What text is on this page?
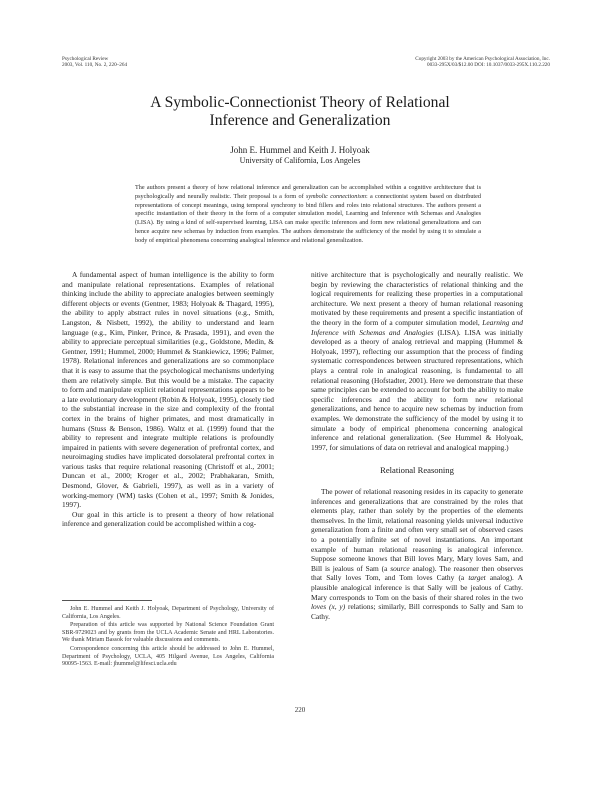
Psychological Review
2003, Vol. 110, No. 2, 220–264
Copyright 2003 by the American Psychological Association, Inc.
0033-295X/03/$12.00 DOI: 10.1037/0033-295X.110.2.220
A Symbolic-Connectionist Theory of Relational
Inference and Generalization
John E. Hummel and Keith J. Holyoak
University of California, Los Angeles
The authors present a theory of how relational inference and generalization can be accomplished within a cognitive architecture that is psychologically and neurally realistic. Their proposal is a form of symbolic connectionism: a connectionist system based on distributed representations of concept meanings, using temporal synchrony to bind fillers and roles into relational structures. The authors present a specific instantiation of their theory in the form of a computer simulation model, Learning and Inference with Schemas and Analogies (LISA). By using a kind of self-supervised learning, LISA can make specific inferences and form new relational generalizations and can hence acquire new schemas by induction from examples. The authors demonstrate the sufficiency of the model by using it to simulate a body of empirical phenomena concerning analogical inference and relational generalization.

A fundamental aspect of human intelligence is the ability to form and manipulate relational representations. Examples of relational thinking include the ability to appreciate analogies between seemingly different objects or events (Gentner, 1983; Holyoak & Thagard, 1995), the ability to apply abstract rules in novel situations (e.g., Smith, Langston, & Nisbett, 1992), the ability to understand and learn language (e.g., Kim, Pinker, Prince, & Prasada, 1991), and even the ability to appreciate perceptual similarities (e.g., Goldstone, Medin, & Gentner, 1991; Hummel, 2000; Hummel & Stankiewicz, 1996; Palmer, 1978). Relational inferences and generalizations are so commonplace that it is easy to assume that the psychological mechanisms underlying them are relatively simple. But this would be a mistake. The capacity to form and manipulate explicit relational representations appears to be a late evolutionary development (Robin & Holyoak, 1995), closely tied to the substantial increase in the size and complexity of the frontal cortex in the brains of higher primates, and most dramatically in humans (Stuss & Benson, 1986). Waltz et al. (1999) found that the ability to represent and integrate multiple relations is profoundly impaired in patients with severe degeneration of prefrontal cortex, and neuroimaging studies have implicated dorsolateral prefrontal cortex in various tasks that require relational reasoning (Christoff et al., 2001; Duncan et al., 2000; Kroger et al., 2002; Prabhakaran, Smith, Desmond, Glover, & Gabrieli, 1997), as well as in a variety of working-memory (WM) tasks (Cohen et al., 1997; Smith & Jonides, 1997).

Our goal in this article is to present a theory of how relational inference and generalization could be accomplished within a cog-

nitive architecture that is psychologically and neurally realistic. We begin by reviewing the characteristics of relational thinking and the logical requirements for realizing these properties in a computational architecture. We next present a theory of human relational reasoning motivated by these requirements and present a specific instantiation of the theory in the form of a computer simulation model, Learning and Inference with Schemas and Analogies (LISA). LISA was initially developed as a theory of analog retrieval and mapping (Hummel & Holyoak, 1997), reflecting our assumption that the process of finding systematic correspondences between structured representations, which plays a central role in analogical reasoning, is fundamental to all relational reasoning (Hofstadter, 2001). Here we demonstrate that these same principles can be extended to account for both the ability to make specific inferences and the ability to form new relational generalizations, and hence to acquire new schemas by induction from examples. We demonstrate the sufficiency of the model by using it to simulate a body of empirical phenomena concerning analogical inference and relational generalization. (See Hummel & Holyoak, 1997, for simulations of data on retrieval and analogical mapping.)

Relational Reasoning

The power of relational reasoning resides in its capacity to generate inferences and generalizations that are constrained by the roles that elements play, rather than solely by the properties of the elements themselves. In the limit, relational reasoning yields universal inductive generalization from a finite and often very small set of observed cases to a potentially infinite set of novel instantiations. An important example of human relational reasoning is analogical inference. Suppose someone knows that Bill loves Mary, Mary loves Sam, and Bill is jealous of Sam (a source analog). The reasoner then observes that Sally loves Tom, and Tom loves Cathy (a target analog). A plausible analogical inference is that Sally will be jealous of Cathy. Mary corresponds to Tom on the basis of their shared roles in the two loves (x, y) relations; similarly, Bill corresponds to Sally and Sam to Cathy.

John E. Hummel and Keith J. Holyoak, Department of Psychology, University of California, Los Angeles.

Preparation of this article was supported by National Science Foundation Grant SBR-9729023 and by grants from the UCLA Academic Senate and HRL Laboratories. We thank Miriam Bassok for valuable discussions and comments.

Correspondence concerning this article should be addressed to John E. Hummel, Department of Psychology, UCLA, 405 Hilgard Avenue, Los Angeles, California 90095-1563. E-mail: jhummel@lifesci.ucla.edu

220
